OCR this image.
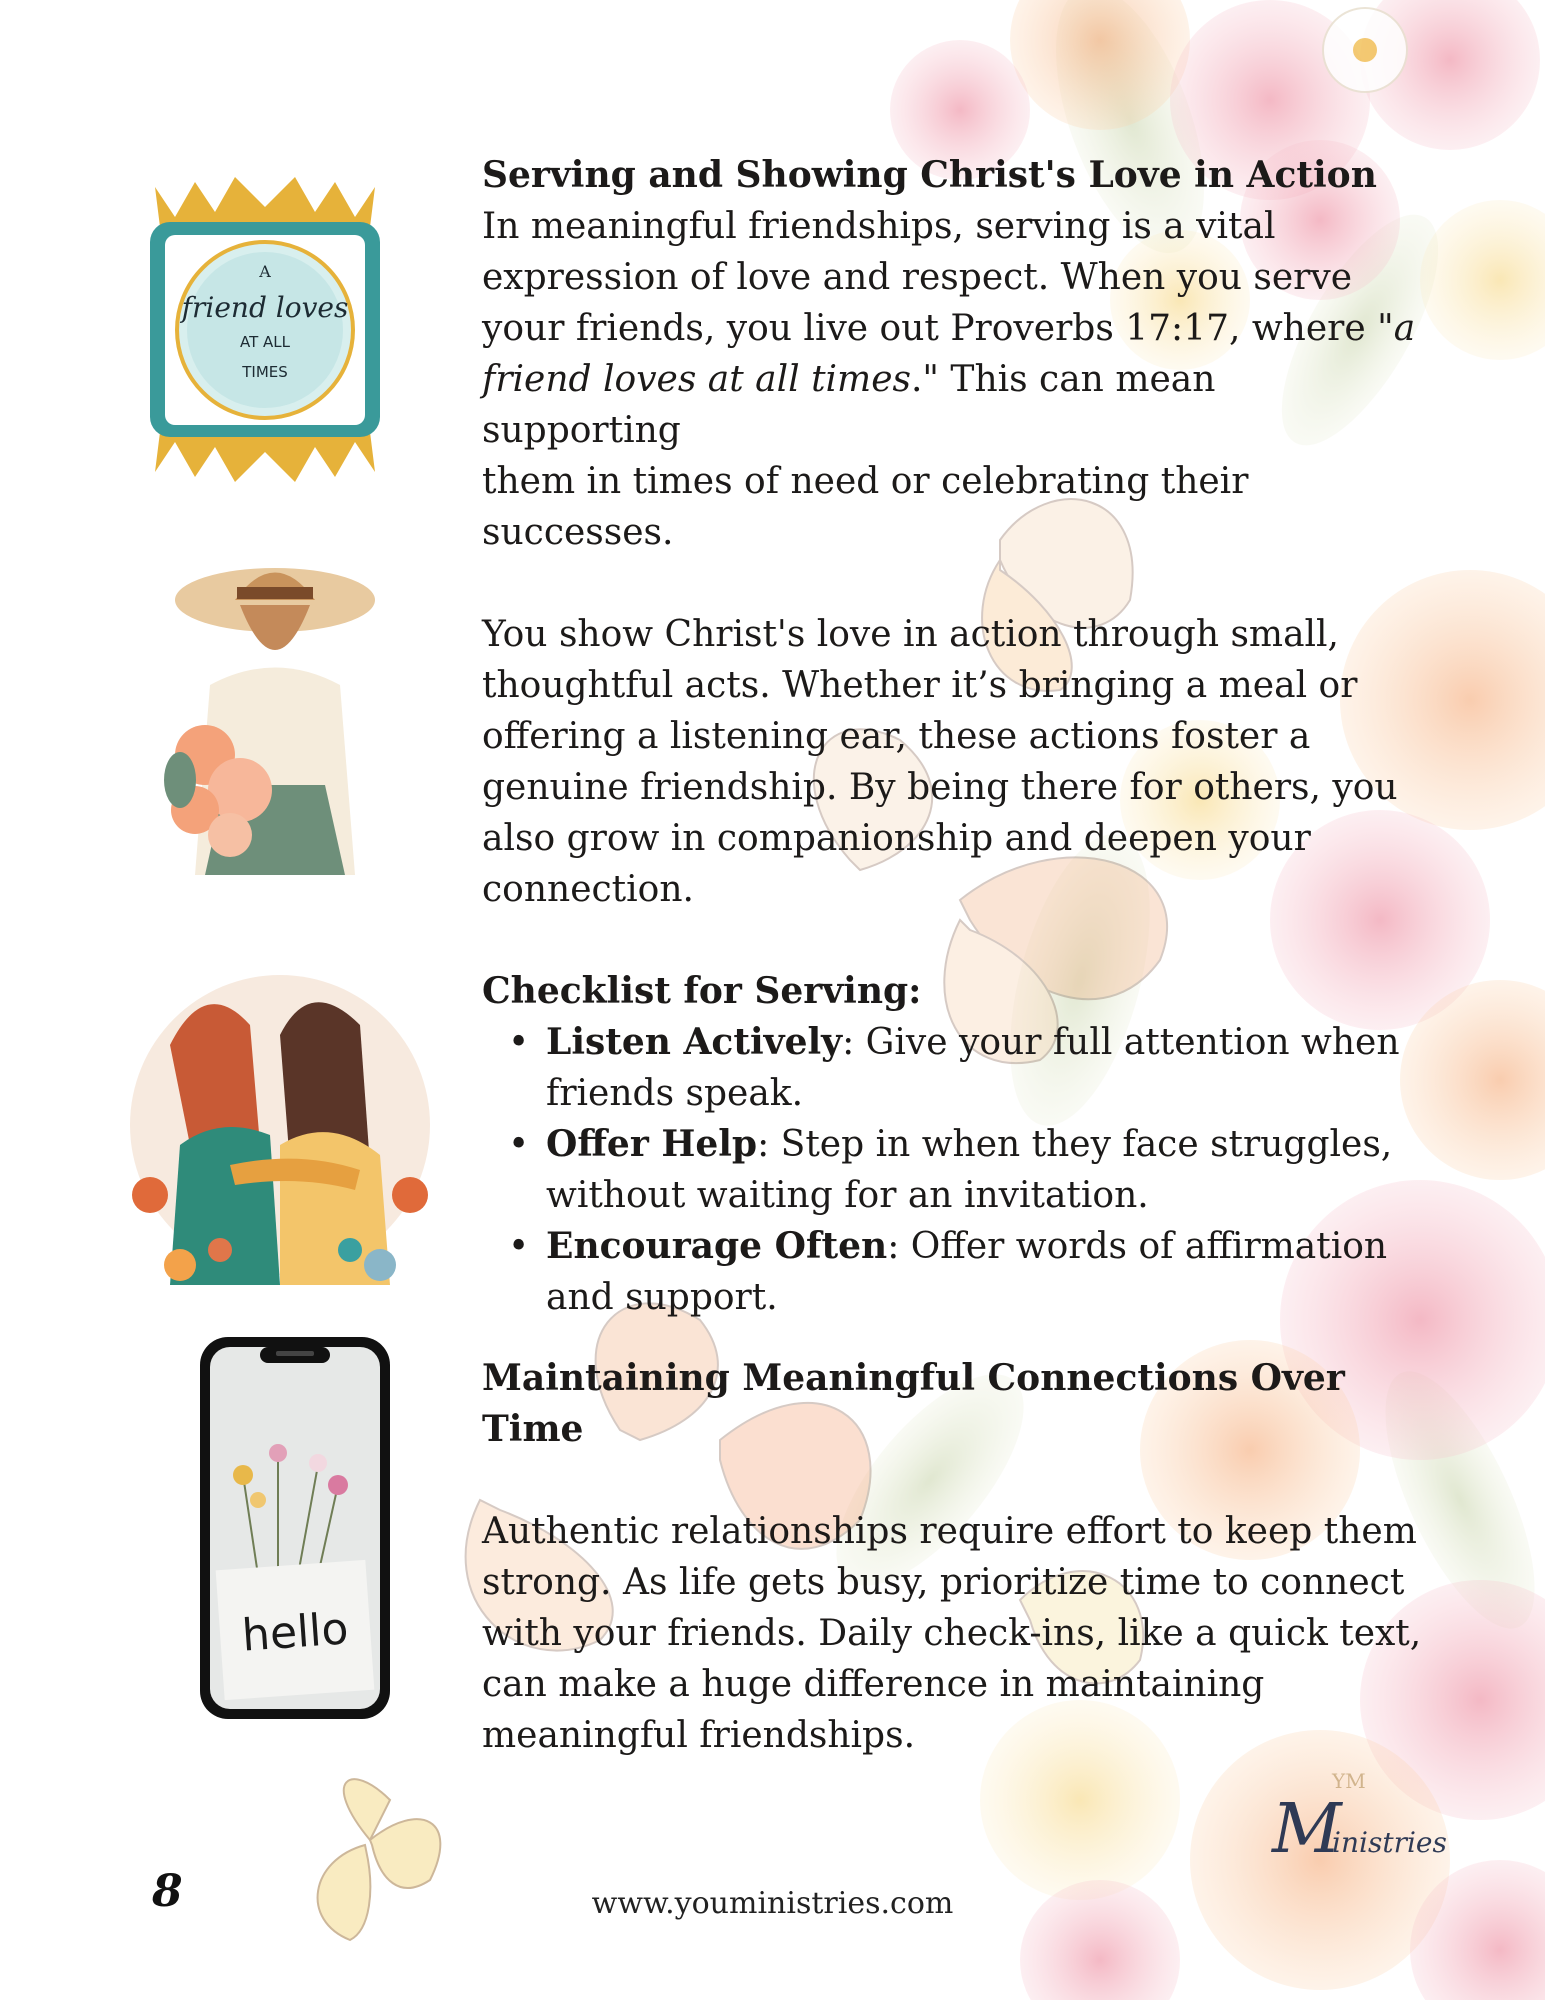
A
friend loves
AT ALL
TIMES
hello
Serving and Showing Christ's Love in Action
In meaningful friendships, serving is a vital
expression of love and respect. When you serve
your friends, you live out Proverbs 17:17, where "a
friend loves at all times." This can mean supporting
them in times of need or celebrating their
successes.
You show Christ's love in action through small,
thoughtful acts. Whether it’s bringing a meal or
offering a listening ear, these actions foster a
genuine friendship. By being there for others, you
also grow in companionship and deepen your
connection.
Checklist for Serving:
• Listen Actively: Give your full attention when
friends speak.
• Offer Help: Step in when they face struggles,
without waiting for an invitation.
• Encourage Often: Offer words of affirmation
and support.
Maintaining Meaningful Connections Over Time
Authentic relationships require effort to keep them
strong. As life gets busy, prioritize time to connect
with your friends. Daily check-ins, like a quick text,
can make a huge difference in maintaining
meaningful friendships.
8	www.youministries.com
YM
M
inistries
